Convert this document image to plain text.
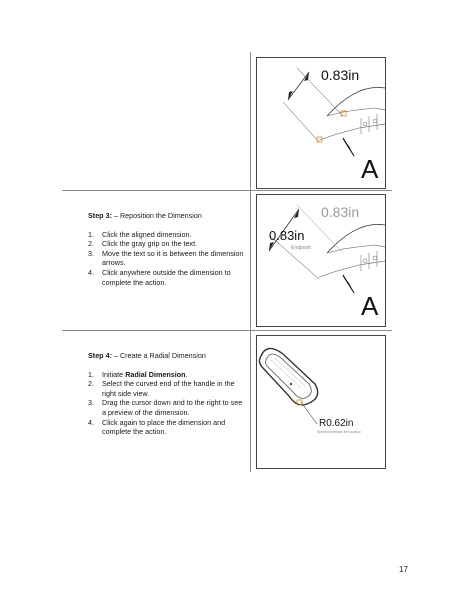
0.83in
A
Endpoint
0.83in
0.83in
A
R0.62in
Specify dimension line location

Step 3: – Reposition the Dimension

1. Click the aligned dimension.
2. Click the gray grip on the text.
3. Move the text so it is between the dimension arrows.
4. Click anywhere outside the dimension to complete the action.

Step 4: – Create a Radial Dimension

1. Initiate Radial Dimension.
2. Select the curved end of the handle in the right side view.
3. Drag the cursor down and to the right to see a preview of the dimension.
4. Click again to place the dimension and complete the action.
17
